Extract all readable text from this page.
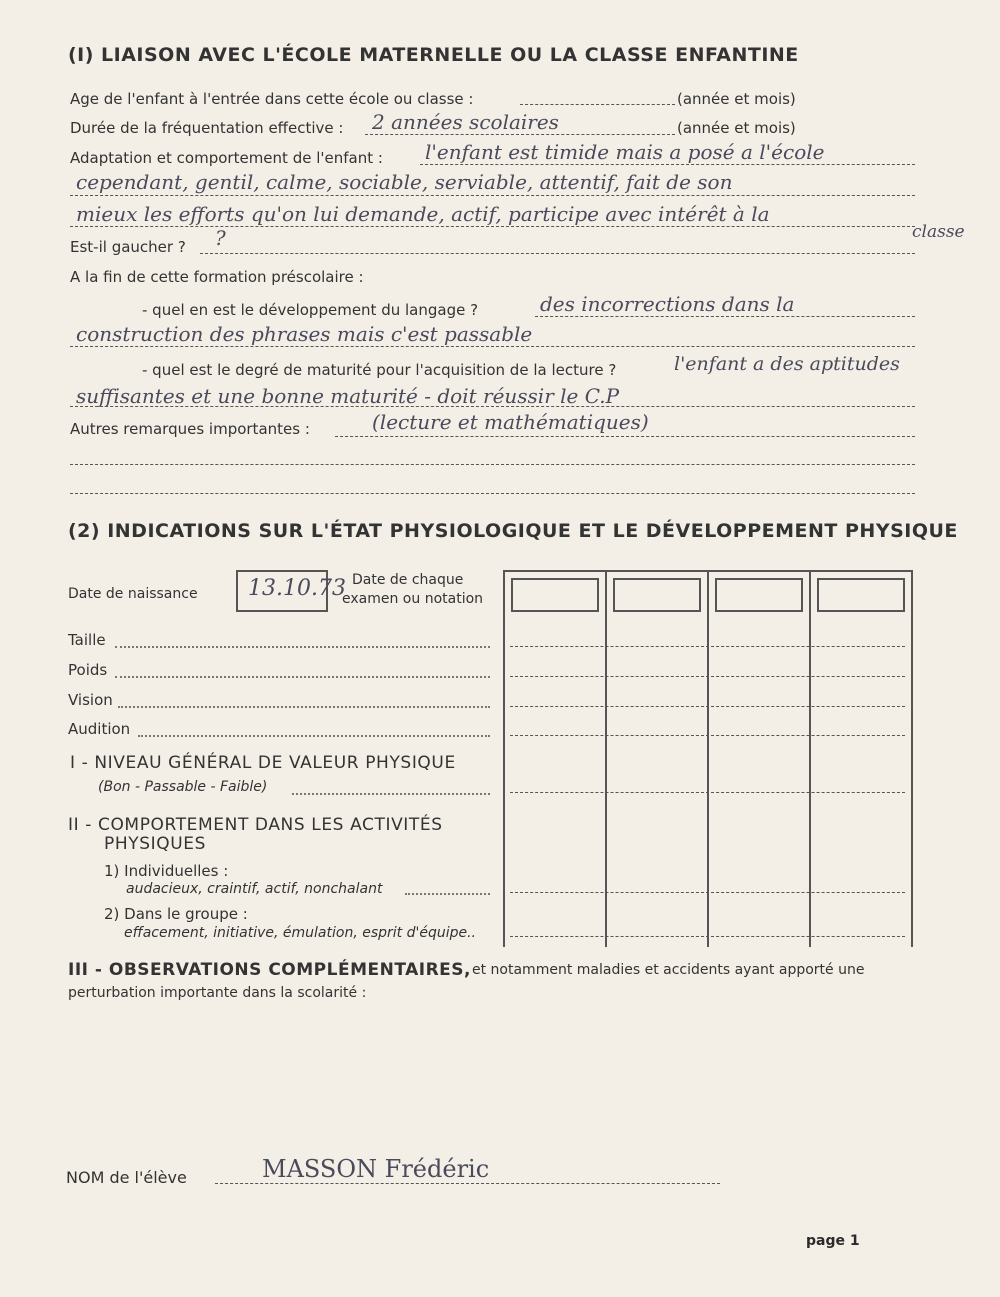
(I) LIAISON AVEC L'ÉCOLE MATERNELLE OU LA CLASSE ENFANTINE
Age de l'enfant à l'entrée dans cette école ou classe :	(année et mois)
Durée de la fréquentation effective : 2 années scolaires	(année et mois)
Adaptation et comportement de l'enfant : l'enfant est timide mais a posé a l'école
cependant, gentil, calme, sociable, serviable, attentif, fait de son
mieux les efforts qu'on lui demande, actif, participe avec intérêt à la
classe
Est-il gaucher ? ?
A la fin de cette formation préscolaire :
- quel en est le développement du langage ?	des incorrections dans la
construction des phrases mais c'est passable
- quel est le degré de maturité pour l'acquisition de la lecture ?	l'enfant a des aptitudes
suffisantes et une bonne maturité - doit réussir le C.P
Autres remarques importantes :	(lecture et mathématiques)
(2) INDICATIONS SUR L'ÉTAT PHYSIOLOGIQUE ET LE DÉVELOPPEMENT PHYSIQUE
Date de naissance 13.10.73 Date de chaque
examen ou notation
Taille
Poids
Vision
Audition
I - NIVEAU GÉNÉRAL DE VALEUR PHYSIQUE
(Bon - Passable - Faible)
II - COMPORTEMENT DANS LES ACTIVITÉS
PHYSIQUES
1) Individuelles :
audacieux, craintif, actif, nonchalant
2) Dans le groupe :
effacement, initiative, émulation, esprit d'équipe..
III - OBSERVATIONS COMPLÉMENTAIRES, et notamment maladies et accidents ayant apporté une
perturbation importante dans la scolarité :
NOM de l'élève	MASSON Frédéric
page 1
